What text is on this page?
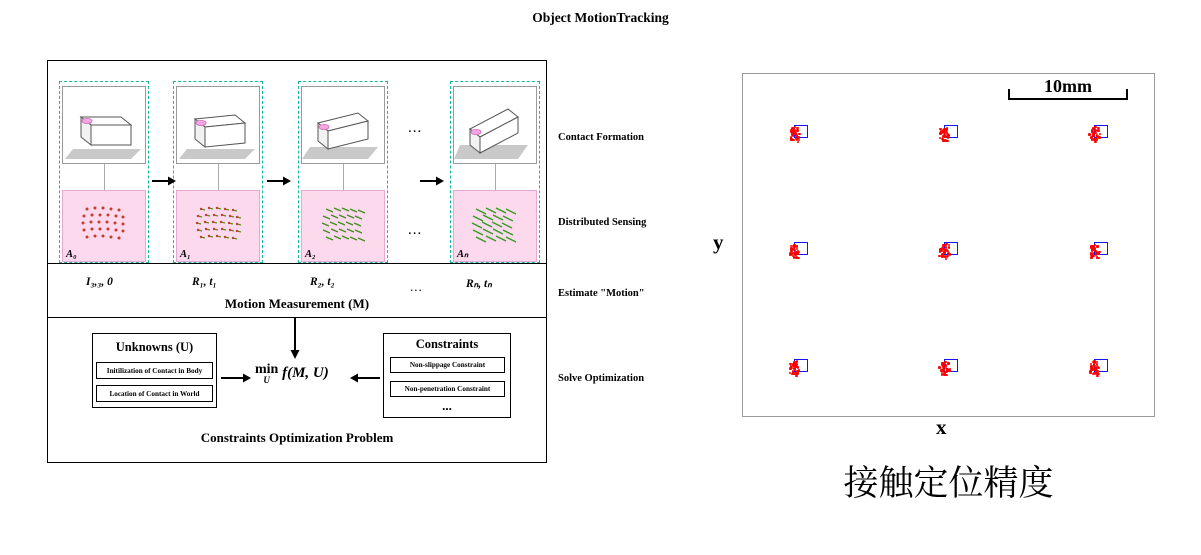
Object MotionTracking
A₀	A₁	A₂	Aₙ
...
...
I₃,₃, 0	R₁, t₁	R₂, t₂	...	Rₙ, tₙ
Motion Measurement (M)
Unknowns (U)
Initilization of Contact in Body
Location of Contact in World
min
U f(M, U)
Constraints
Non-slippage Constraint
Non-penetration Constraint
...
Constraints Optimization Problem
Contact Formation
Distributed Sensing
Estimate "Motion"
Solve Optimization
10mm
y
x
接触定位精度
